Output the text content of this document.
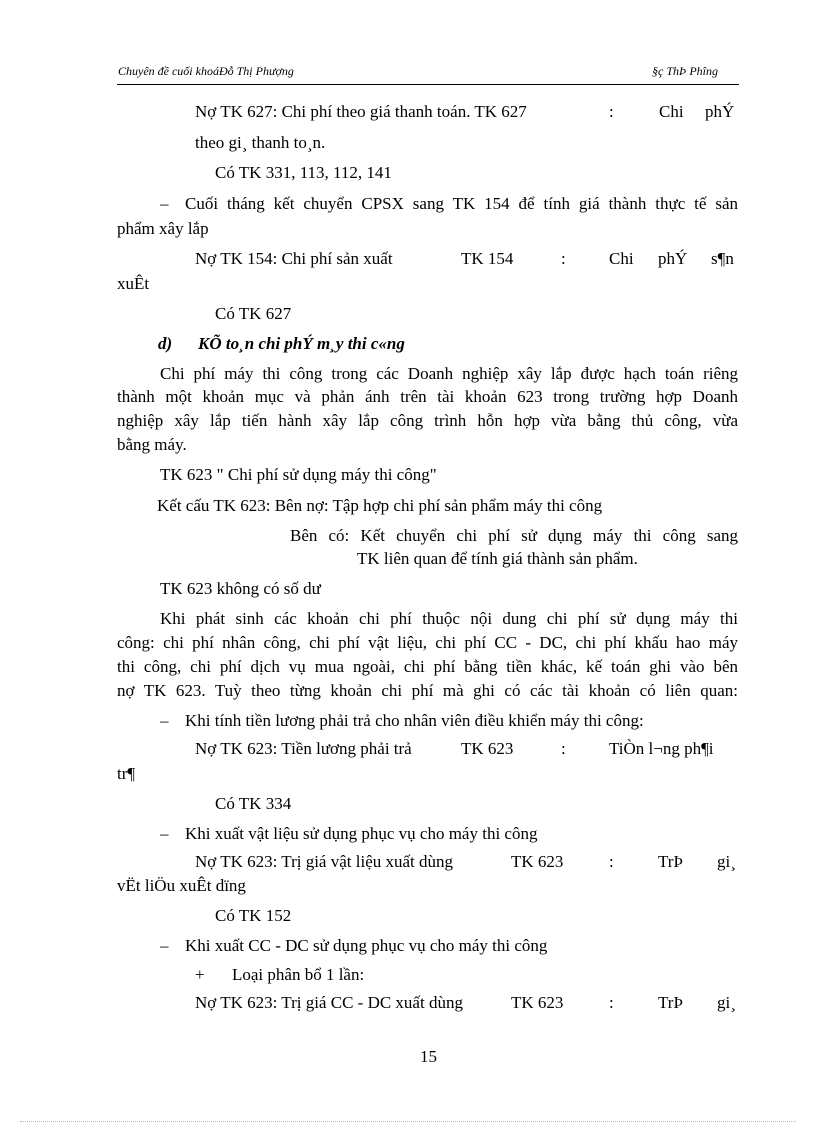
Chuyên đề cuối khoáĐỗ Thị Phượng	§ç ThÞ Phîng
Nợ TK 627: Chi phí theo giá thanh toán. TK 627	:	Chi phÝ
theo gi¸ thanh to¸n.
Có TK 331, 113, 112, 141
– Cuối tháng kết chuyển CPSX sang TK 154 để tính giá thành thực tế sản
phẩm xây lắp
Nợ TK 154: Chi phí sản xuất	TK 154	:	Chi phÝ s¶n
xuÊt
Có TK 627
d) KÕ to¸n chi phÝ m¸y thi c«ng
Chi phí máy thi công trong các Doanh nghiệp xây lắp được hạch toán riêng
thành một khoản mục và phản ánh trên tài khoản 623 trong trường hợp Doanh
nghiệp xây lắp tiến hành xây lắp công trình hỗn hợp vừa bằng thủ công, vừa
bằng máy.
TK 623 " Chi phí sử dụng máy thi công"
Kết cấu TK 623: Bên nợ: Tập hợp chi phí sản phẩm máy thi công
Bên có: Kết chuyển chi phí sử dụng máy thi công sang
TK liên quan để tính giá thành sản phẩm.
TK 623 không có số dư
Khi phát sinh các khoản chi phí thuộc nội dung chi phí sử dụng máy thi
công: chi phí nhân công, chi phí vật liệu, chi phí CC - DC, chi phí khấu hao máy
thi công, chi phí dịch vụ mua ngoài, chi phí bằng tiền khác, kế toán ghi vào bên
nợ TK 623. Tuỳ theo từng khoản chi phí mà ghi có các tài khoản có liên quan:
– Khi tính tiền lương phải trả cho nhân viên điều khiển máy thi công:
Nợ TK 623: Tiền lương phải trả	TK 623	:	TiÒn l¬ng ph¶i
tr¶
Có TK 334
– Khi xuất vật liệu sử dụng phục vụ cho máy thi công
Nợ TK 623: Trị giá vật liệu xuất dùng	TK 623	:	TrÞ gi¸
vËt liÖu xuÊt dïng
Có TK 152
– Khi xuất CC - DC sử dụng phục vụ cho máy thi công
+ Loại phân bổ 1 lần:
Nợ TK 623: Trị giá CC - DC xuất dùng	TK 623	:	TrÞ gi¸
15
